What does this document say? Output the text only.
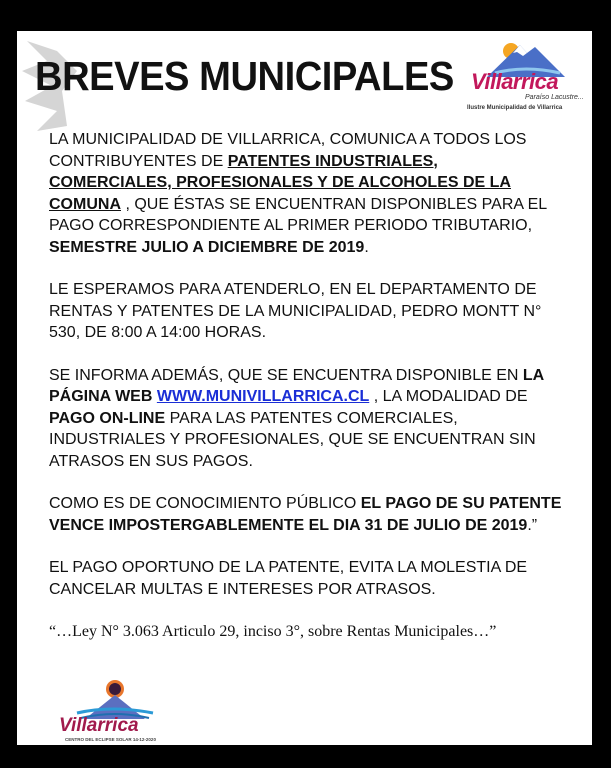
BREVES MUNICIPALES Villarrica
Paraíso Lacustre...
Ilustre Municipalidad de Villarrica

LA MUNICIPALIDAD DE VILLARRICA, COMUNICA A TODOS LOS CONTRIBUYENTES DE PATENTES INDUSTRIALES, COMERCIALES, PROFESIONALES Y DE ALCOHOLES DE LA COMUNA , QUE ÉSTAS SE ENCUENTRAN DISPONIBLES PARA EL PAGO CORRESPONDIENTE AL PRIMER PERIODO TRIBUTARIO, SEMESTRE JULIO A DICIEMBRE DE 2019.

LE ESPERAMOS PARA ATENDERLO, EN EL DEPARTAMENTO DE RENTAS Y PATENTES DE LA MUNICIPALIDAD, PEDRO MONTT N° 530, DE 8:00 A 14:00 HORAS.

SE INFORMA ADEMÁS, QUE SE ENCUENTRA DISPONIBLE EN LA PÁGINA WEB WWW.MUNIVILLARRICA.CL , LA MODALIDAD DE PAGO ON-LINE PARA LAS PATENTES COMERCIALES, INDUSTRIALES Y PROFESIONALES, QUE SE ENCUENTRAN SIN ATRASOS EN SUS PAGOS.

COMO ES DE CONOCIMIENTO PÚBLICO EL PAGO DE SU PATENTE VENCE IMPOSTERGABLEMENTE EL DIA 31 DE JULIO DE 2019.”

EL PAGO OPORTUNO DE LA PATENTE, EVITA LA MOLESTIA DE CANCELAR MULTAS E INTERESES POR ATRASOS.

“…Ley N° 3.063 Articulo 29, inciso 3°, sobre Rentas Municipales…”

Villarrica
CENTRO DEL ECLIPSE SOLAR 14-12-2020
